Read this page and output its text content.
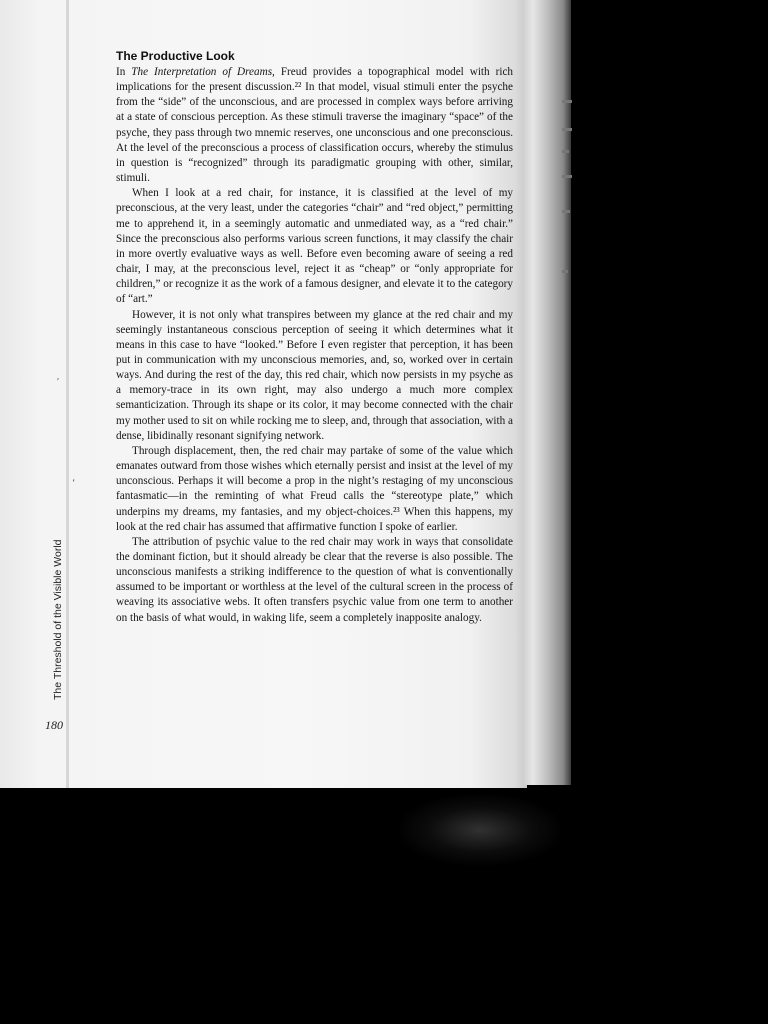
The Productive Look

In The Interpretation of Dreams, Freud provides a topographical model with rich implications for the present discussion.²² In that model, visual stimuli enter the psyche from the “side” of the unconscious, and are processed in complex ways before arriving at a state of conscious perception. As these stimuli traverse the imaginary “space” of the psyche, they pass through two mnemic reserves, one unconscious and one preconscious. At the level of the preconscious a process of classification occurs, whereby the stimulus in question is “recognized” through its paradigmatic grouping with other, similar, stimuli.

When I look at a red chair, for instance, it is classified at the level of my preconscious, at the very least, under the categories “chair” and “red object,” permitting me to apprehend it, in a seemingly automatic and unmediated way, as a “red chair.” Since the preconscious also performs various screen functions, it may classify the chair in more overtly evaluative ways as well. Before even becoming aware of seeing a red chair, I may, at the preconscious level, reject it as “cheap” or “only appropriate for children,” or recognize it as the work of a famous designer, and elevate it to the category of “art.”

However, it is not only what transpires between my glance at the red chair and my seemingly instantaneous conscious perception of seeing it which determines what it means in this case to have “looked.” Before I even register that perception, it has been put in communication with my unconscious memories, and, so, worked over in certain ways. And during the rest of the day, this red chair, which now persists in my psyche as a memory-trace in its own right, may also undergo a much more complex semanticization. Through its shape or its color, it may become connected with the chair my mother used to sit on while rocking me to sleep, and, through that association, with a dense, libidinally resonant signifying network.

Through displacement, then, the red chair may partake of some of the value which emanates outward from those wishes which eternally persist and insist at the level of my unconscious. Perhaps it will become a prop in the night’s restaging of my unconscious fantasmatic—in the reminting of what Freud calls the “stereotype plate,” which underpins my dreams, my fantasies, and my object-choices.²³ When this happens, my look at the red chair has assumed that affirmative function I spoke of earlier.

The attribution of psychic value to the red chair may work in ways that consolidate the dominant fiction, but it should already be clear that the reverse is also possible. The unconscious manifests a striking indifference to the question of what is conventionally assumed to be important or worthless at the level of the cultural screen in the process of weaving its associative webs. It often transfers psychic value from one term to another on the basis of what would, in waking life, seem a completely inapposite analogy.

The Threshold of the Visible World
180
′
‘
